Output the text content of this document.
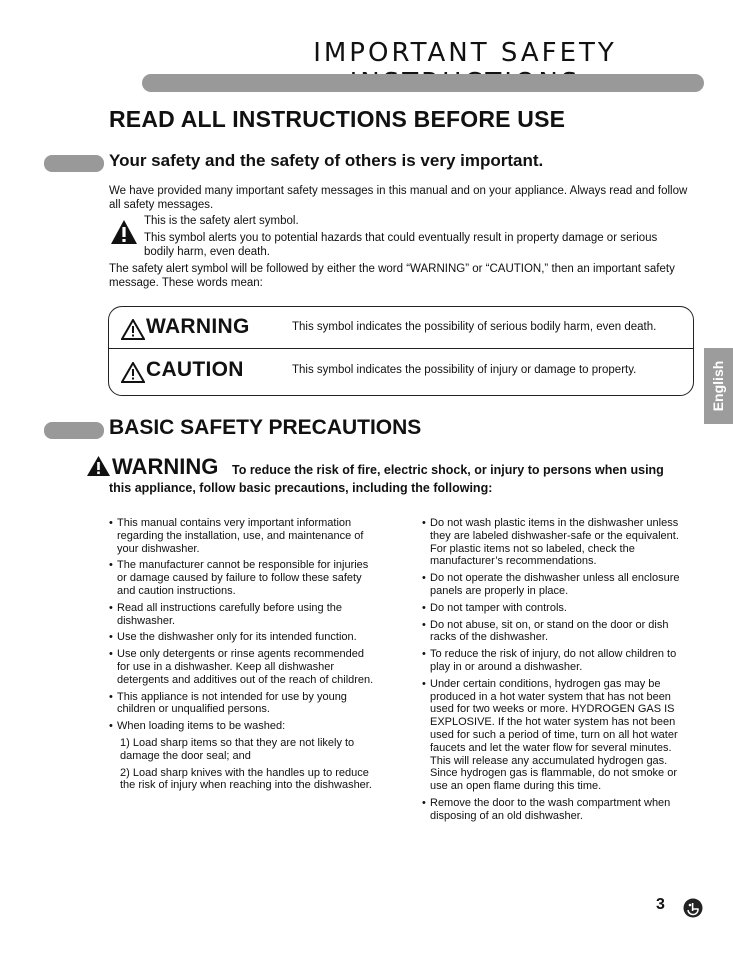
IMPORTANT SAFETY
READ ALL INSTRUCTIONS BEFORE USE
Your safety and the safety of others is very important.

We have provided many important safety messages in this manual and on your appliance. Always read and follow all safety messages.

This is the safety alert symbol.
This symbol alerts you to potential hazards that could eventually result in property damage or serious bodily harm, even death.

The safety alert symbol will be followed by either the word “WARNING” or “CAUTION,” then an important safety message. These words mean:

WARNING	This symbol indicates the possibility of serious bodily harm, even death.
CAUTION	This symbol indicates the possibility of injury or damage to property.
BASIC SAFETY PRECAUTIONS
WARNING To reduce the risk of fire, electric shock, or injury to persons when using
this appliance, follow basic precautions, including the following:
• This manual contains very important information regarding the installation, use, and maintenance of your dishwasher.
• The manufacturer cannot be responsible for injuries or damage caused by failure to follow these safety and caution instructions.
• Read all instructions carefully before using the dishwasher.
• Use the dishwasher only for its intended function.
• Use only detergents or rinse agents recommended for use in a dishwasher. Keep all dishwasher detergents and additives out of the reach of children.
• This appliance is not intended for use by young children or unqualified persons.
• When loading items to be washed:
1) Load sharp items so that they are not likely to damage the door seal; and
2) Load sharp knives with the handles up to reduce the risk of injury when reaching into the dishwasher.
• Do not wash plastic items in the dishwasher unless they are labeled dishwasher-safe or the equivalent. For plastic items not so labeled, check the manufacturer’s recommendations.
• Do not operate the dishwasher unless all enclosure panels are properly in place.
• Do not tamper with controls.
• Do not abuse, sit on, or stand on the door or dish racks of the dishwasher.
• To reduce the risk of injury, do not allow children to play in or around a dishwasher.
• Under certain conditions, hydrogen gas may be produced in a hot water system that has not been used for two weeks or more. HYDROGEN GAS IS EXPLOSIVE. If the hot water system has not been used for such a period of time, turn on all hot water faucets and let the water flow for several minutes. This will release any accumulated hydrogen gas. Since hydrogen gas is flammable, do not smoke or use an open flame during this time.
• Remove the door to the wash compartment when disposing of an old dishwasher.
English
3
